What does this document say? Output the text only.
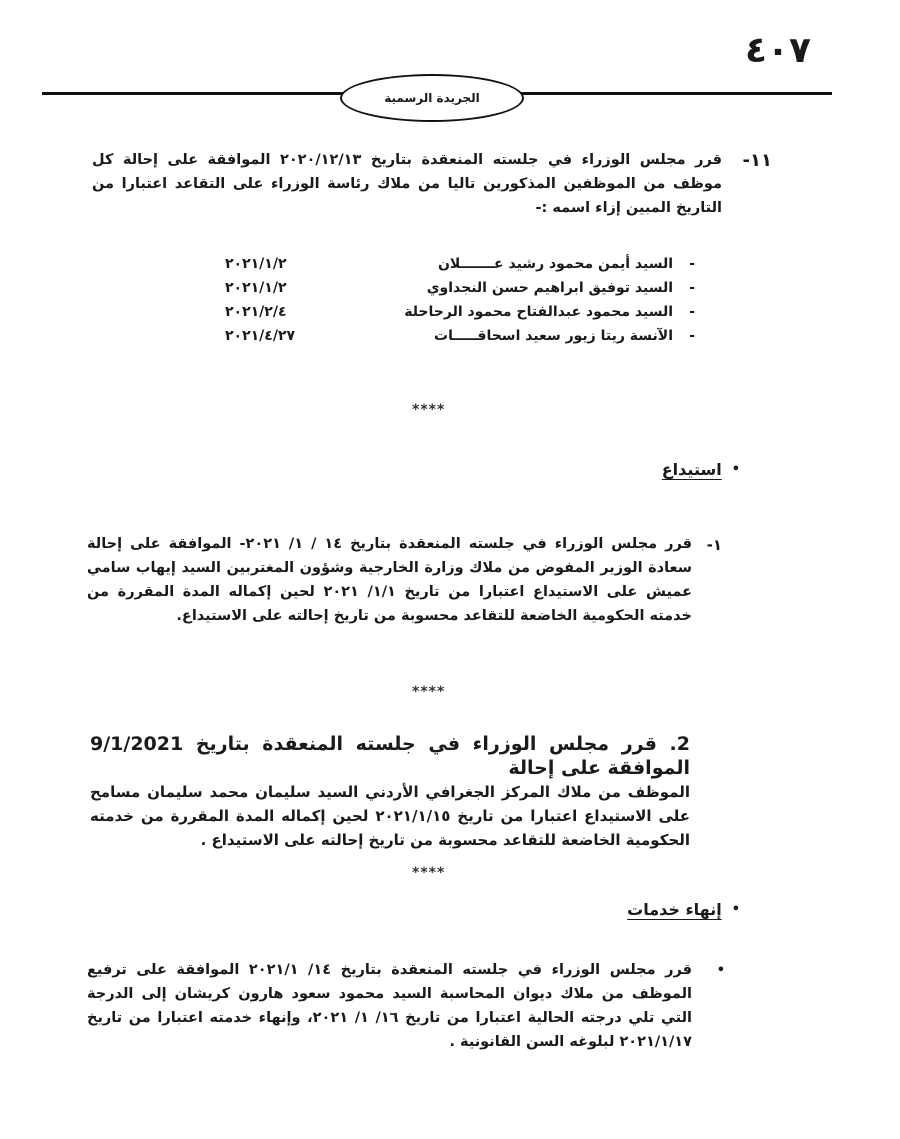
٤٠٧
الجريدة الرسمية
١١-
قرر مجلس الوزراء في جلسته المنعقدة بتاريخ ٢٠٢٠/١٢/١٣ الموافقة على إحالة كل موظف من الموظفين المذكورين تاليا من ملاك رئاسة الوزراء على التقاعد اعتبارا من التاريخ المبين إزاء اسمه :-
-
السيد أيمن محمود رشيد عـــــــلان
٢٠٢١/١/٢
-
السيد توفيق ابراهيم حسن النجداوي
٢٠٢١/١/٢
-
السيد محمود عبدالفتاح محمود الرحاحلة
٢٠٢١/٢/٤
-
الآنسة ريتا زيور سعيد اسحاقـــــات
٢٠٢١/٤/٢٧
****
•
استيداع
١-
قرر مجلس الوزراء في جلسته المنعقدة بتاريخ ١٤ / ١/ ٢٠٢١- الموافقة على إحالة سعادة الوزير المفوض من ملاك وزارة الخارجية وشؤون المغتربين السيد إيهاب سامي عميش على الاستيداع اعتبارا من تاريخ ١/١/ ٢٠٢١ لحين إكماله المدة المقررة من خدمته الحكومية الخاضعة للتقاعد محسوبة من تاريخ إحالته على الاستيداع.
****
2. قرر مجلس الوزراء في جلسته المنعقدة بتاريخ 9/1/2021 الموافقة على إحالة
الموظف من ملاك المركز الجغرافي الأردني السيد سليمان محمد سليمان مسامح على الاستيداع اعتبارا من تاريخ ٢٠٢١/١/١٥ لحين إكماله المدة المقررة من خدمته الحكومية الخاضعة للتقاعد محسوبة من تاريخ إحالته على الاستيداع .
****
•
إنهاء خدمات
•
قرر مجلس الوزراء في جلسته المنعقدة بتاريخ ١٤/ ٢٠٢١/١ الموافقة على ترفيع الموظف من ملاك ديوان المحاسبة السيد محمود سعود هارون كريشان إلى الدرجة التي تلي درجته الحالية اعتبارا من تاريخ ١٦/ ١/ ٢٠٢١، وإنهاء خدمته اعتبارا من تاريخ ٢٠٢١/١/١٧ لبلوغه السن القانونية .
